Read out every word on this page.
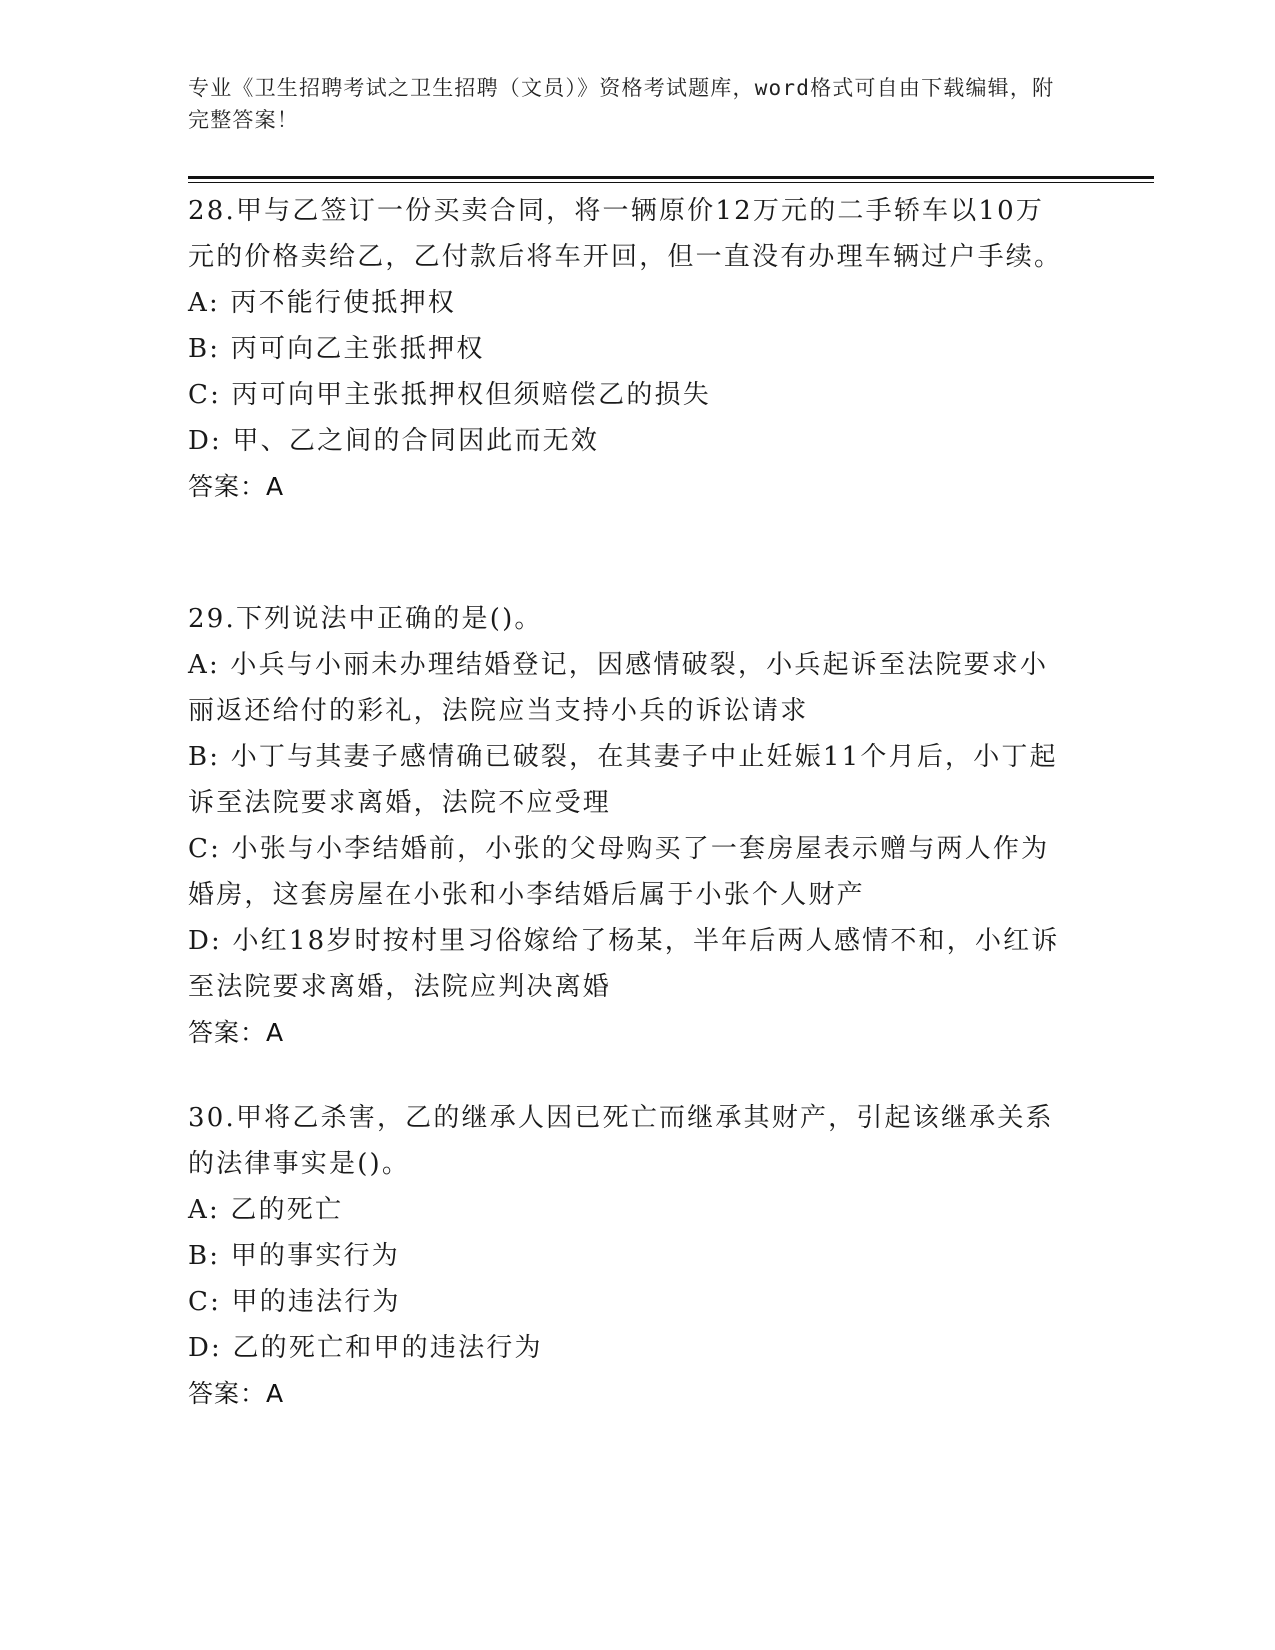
专业《卫生招聘考试之卫生招聘（文员）》资格考试题库，word格式可自由下载编辑，附完整答案！

28.甲与乙签订一份买卖合同，将一辆原价12万元的二手轿车以10万元的价格卖给乙，乙付款后将车开回，但一直没有办理车辆过户手续。

A: 丙不能行使抵押权

B: 丙可向乙主张抵押权

C: 丙可向甲主张抵押权但须赔偿乙的损失

D: 甲、乙之间的合同因此而无效

答案：A

29.下列说法中正确的是()。

A: 小兵与小丽未办理结婚登记，因感情破裂，小兵起诉至法院要求小丽返还给付的彩礼，法院应当支持小兵的诉讼请求

B: 小丁与其妻子感情确已破裂，在其妻子中止妊娠11个月后，小丁起诉至法院要求离婚，法院不应受理

C: 小张与小李结婚前，小张的父母购买了一套房屋表示赠与两人作为婚房，这套房屋在小张和小李结婚后属于小张个人财产

D: 小红18岁时按村里习俗嫁给了杨某，半年后两人感情不和，小红诉至法院要求离婚，法院应判决离婚

答案：A

30.甲将乙杀害，乙的继承人因已死亡而继承其财产，引起该继承关系的法律事实是()。

A: 乙的死亡

B: 甲的事实行为

C: 甲的违法行为

D: 乙的死亡和甲的违法行为

答案：A
